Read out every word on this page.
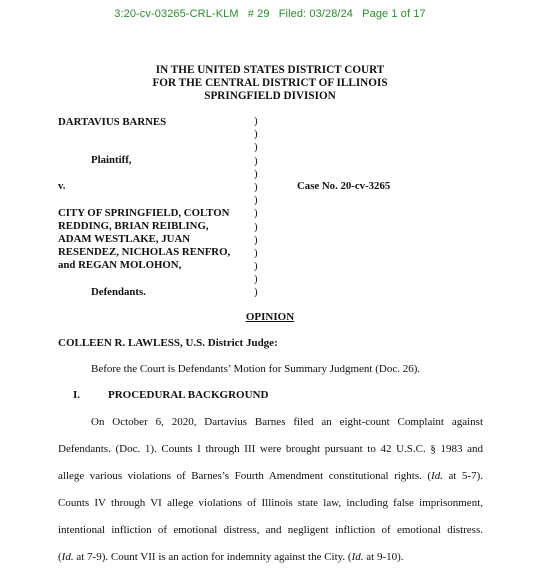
3:20-cv-03265-CRL-KLM # 29 Filed: 03/28/24 Page 1 of 17
IN THE UNITED STATES DISTRICT COURT
FOR THE CENTRAL DISTRICT OF ILLINOIS
SPRINGFIELD DIVISION
DARTAVIUS BARNES
Plaintiff,
v.	Case No. 20-cv-3265
CITY OF SPRINGFIELD, COLTON
REDDING, BRIAN REIBLING,
ADAM WESTLAKE, JUAN
RESENDEZ, NICHOLAS RENFRO,
and REGAN MOLOHON,
Defendants.
)
)
)
)
)
)
)
)
)
)
)
)
)
)
OPINION
COLLEEN R. LAWLESS, U.S. District Judge:
Before the Court is Defendants’ Motion for Summary Judgment (Doc. 26).
I.	PROCEDURAL BACKGROUND
On October 6, 2020, Dartavius Barnes filed an eight-count Complaint against
Defendants. (Doc. 1). Counts I through III were brought pursuant to 42 U.S.C. § 1983 and
allege various violations of Barnes’s Fourth Amendment constitutional rights. (Id. at 5-7).
Counts IV through VI allege violations of Illinois state law, including false imprisonment,
intentional infliction of emotional distress, and negligent infliction of emotional distress.
(Id. at 7-9). Count VII is an action for indemnity against the City. (Id. at 9-10).
